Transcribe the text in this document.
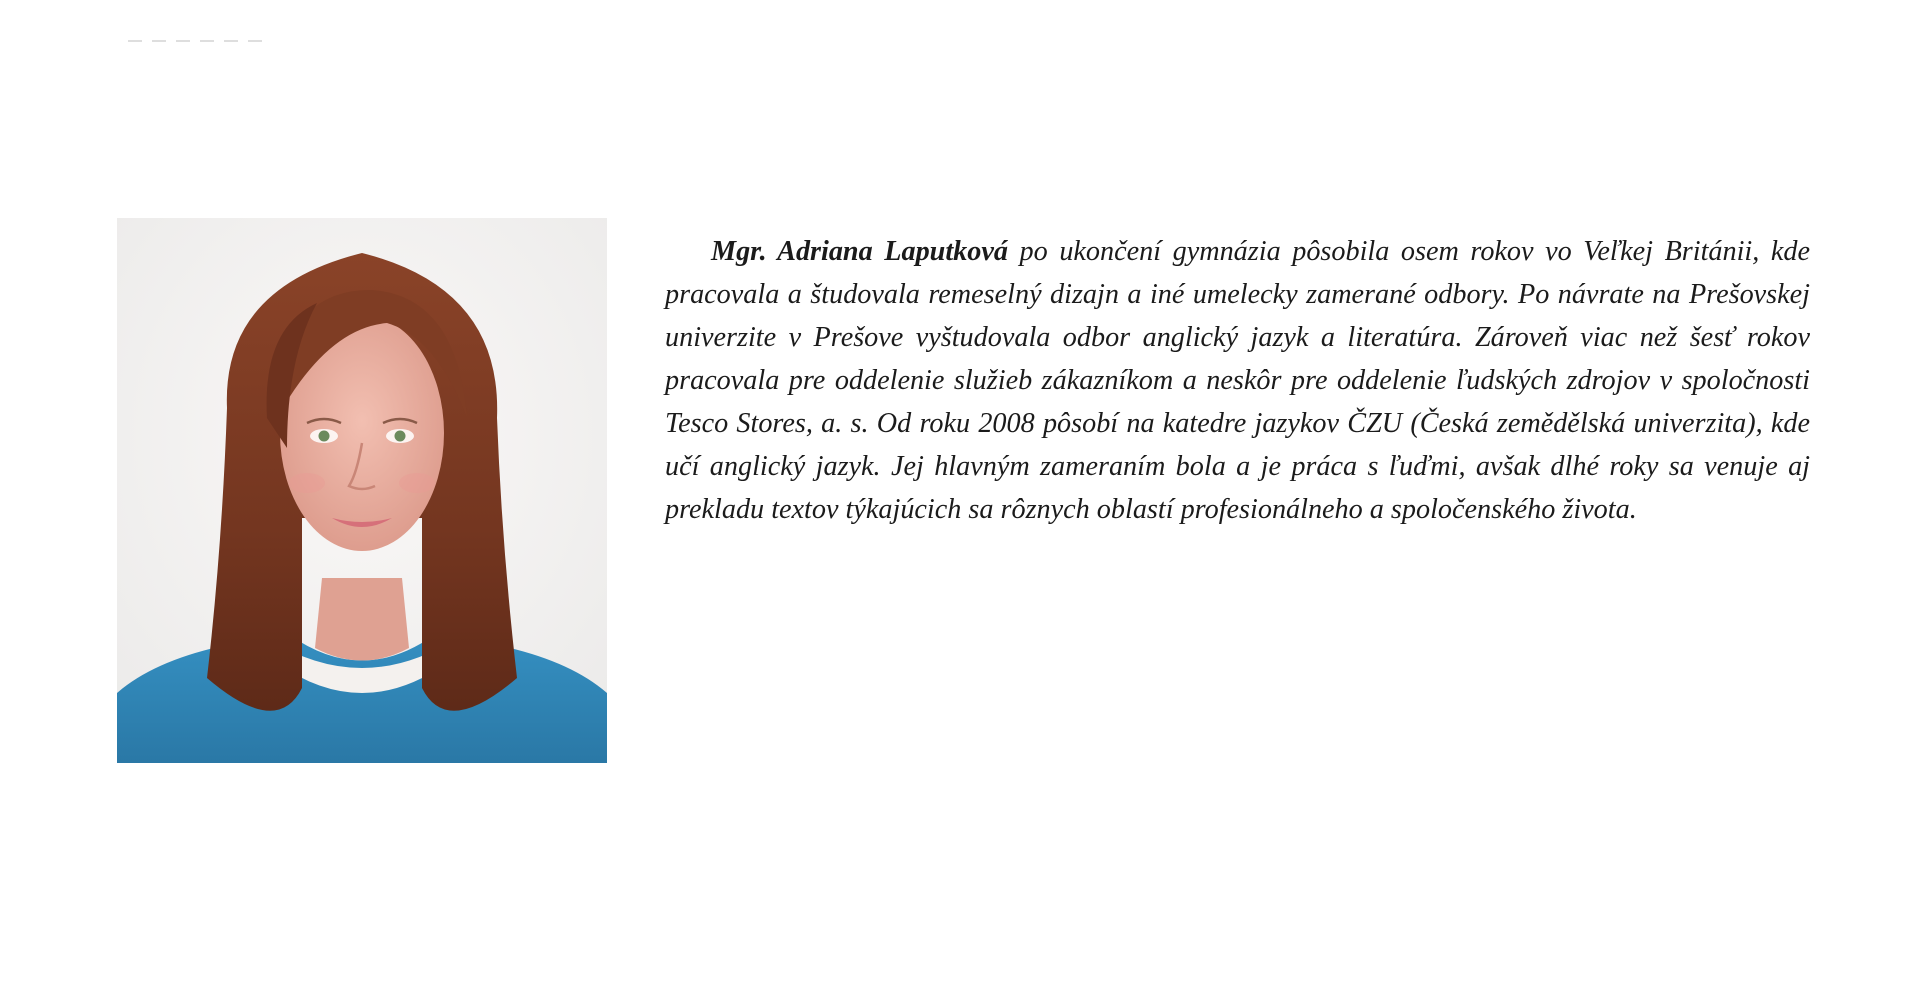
Mgr. Adriana Laputková po ukončení gymnázia pôsobila osem rokov vo Veľkej Británii, kde pracovala a študovala remeselný dizajn a iné umelecky zamerané odbory. Po návrate na Prešovskej univerzite v Prešove vyštudovala odbor anglický jazyk a literatúra. Zároveň viac než šesť rokov pracovala pre oddelenie služieb zákazníkom a neskôr pre oddelenie ľudských zdrojov v spoločnosti Tesco Stores, a. s. Od roku 2008 pôsobí na katedre jazykov ČZU (Česká zemědělská univerzita), kde učí anglický jazyk. Jej hlavným zameraním bola a je práca s ľuďmi, avšak dlhé roky sa venuje aj prekladu textov týkajúcich sa rôznych oblastí profesionálneho a spoločenského života.
